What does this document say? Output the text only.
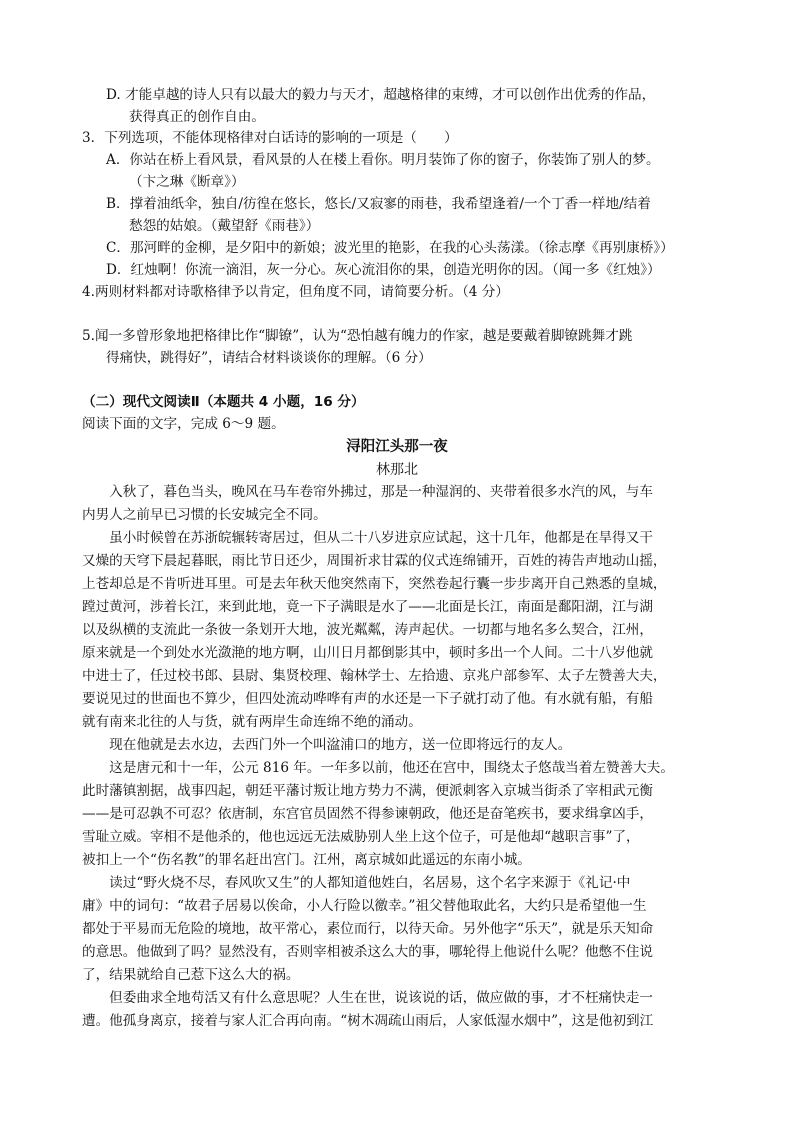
D. 才能卓越的诗人只有以最大的毅力与天才，超越格律的束缚，才可以创作出优秀的作品，
获得真正的创作自由。
3．下列选项，不能体现格律对白话诗的影响的一项是（　　）
A．你站在桥上看风景，看风景的人在楼上看你。明月装饰了你的窗子，你装饰了别人的梦。
（卞之琳《断章》）
B．撑着油纸伞，独自/彷徨在悠长，悠长/又寂寥的雨巷，我希望逢着/一个丁香一样地/结着
愁怨的姑娘。（戴望舒《雨巷》）
C．那河畔的金柳，是夕阳中的新娘；波光里的艳影，在我的心头荡漾。（徐志摩《再别康桥》）
D．红烛啊！你流一滴泪，灰一分心。灰心流泪你的果，创造光明你的因。（闻一多《红烛》）
4.两则材料都对诗歌格律予以肯定，但角度不同，请简要分析。（4 分）
5.闻一多曾形象地把格律比作“脚镣”，认为“恐怕越有魄力的作家，越是要戴着脚镣跳舞才跳
得痛快，跳得好”，请结合材料谈谈你的理解。（6 分）
（二）现代文阅读Ⅱ（本题共 4 小题，16 分）
阅读下面的文字，完成 6～9 题。
浔阳江头那一夜
林那北
　　入秋了，暮色当头，晚风在马车卷帘外拂过，那是一种湿润的、夹带着很多水汽的风，与车
内男人之前早已习惯的长安城完全不同。
　　虽小时候曾在苏浙皖辗转寄居过，但从二十八岁进京应试起，这十几年，他都是在旱得又干
又燥的天穹下晨起暮眠，雨比节日还少，周围祈求甘霖的仪式连绵铺开，百姓的祷告声地动山摇，
上苍却总是不肯听进耳里。可是去年秋天他突然南下，突然卷起行囊一步步离开自己熟悉的皇城，
蹚过黄河，涉着长江，来到此地，竟一下子满眼是水了——北面是长江，南面是鄱阳湖，江与湖
以及纵横的支流此一条彼一条划开大地，波光粼粼，涛声起伏。一切都与地名多么契合，江州，
原来就是一个到处水光潋滟的地方啊，山川日月都倒影其中，顿时多出一个人间。二十八岁他就
中进士了，任过校书郎、县尉、集贤校理、翰林学士、左拾遗、京兆户部参军、太子左赞善大夫，
要说见过的世面也不算少，但四处流动哗哗有声的水还是一下子就打动了他。有水就有船，有船
就有南来北往的人与货，就有两岸生命连绵不绝的涌动。
　　现在他就是去水边，去西门外一个叫湓浦口的地方，送一位即将远行的友人。
　　这是唐元和十一年，公元 816 年。一年多以前，他还在宫中，围绕太子悠哉当着左赞善大夫。
此时藩镇割据，战事四起，朝廷平藩讨叛让地方势力不满，便派刺客入京城当街杀了宰相武元衡
——是可忍孰不可忍？依唐制，东宫官员固然不得参谏朝政，他还是奋笔疾书，要求缉拿凶手，
雪耻立威。宰相不是他杀的，他也远远无法威胁别人坐上这个位子，可是他却“越职言事”了，
被扣上一个“伤名教”的罪名赶出宫门。江州，离京城如此遥远的东南小城。
　　读过“野火烧不尽，春风吹又生”的人都知道他姓白，名居易，这个名字来源于《礼记·中
庸》中的词句：“故君子居易以俟命，小人行险以徼幸。”祖父替他取此名，大约只是希望他一生
都处于平易而无危险的境地，故平常心，素位而行，以待天命。另外他字“乐天”，就是乐天知命
的意思。他做到了吗？显然没有，否则宰相被杀这么大的事，哪轮得上他说什么呢？他憋不住说
了，结果就给自己惹下这么大的祸。
　　但委曲求全地苟活又有什么意思呢？人生在世，说该说的话，做应做的事，才不枉痛快走一
遭。他孤身离京，接着与家人汇合再向南。“树木凋疏山雨后，人家低湿水烟中”，这是他初到江
